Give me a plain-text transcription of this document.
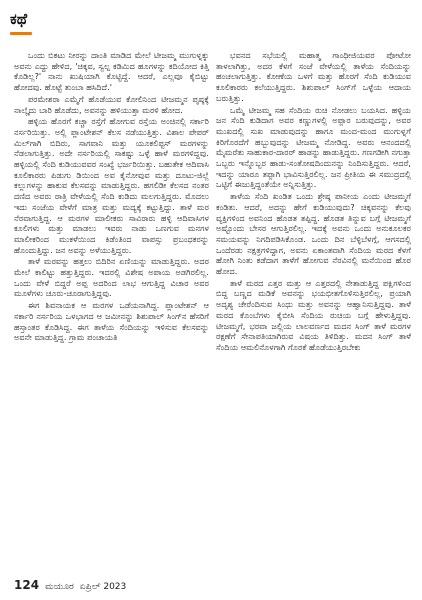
ಕಥೆ

ಒಂದು ಬಿಕಟು ನೀರನ್ನು ದಾಂತಿ ಮಾಡಿದ ಮೇಲೆ ಟೀಜಮ್ಮ ಮುಗುಳ್ನಕ್ಕು ಅವನು ಎದ್ದು ಹೇಳಿದ, 'ಚಿಕ್ಕವ, ಸ್ವಲ್ಪ ಕಡಿಮಿದ ಹೂಗಳನ್ನು ಕದಿಯೋದ ಕಿತ್ತಿ ಕೊಡಿಲ್ಲ?' ನಾನು ಖುಷಿಯಾಗಿ ಕೊಟ್ಟಿದ್ದೆ. ಆದರೆ, ಎಲ್ಲವೂ ಕೈಬಿಟ್ಟು ಹೋದವು. ಹೊಟ್ಟೆ ತುಂಬಾ ಹಸಿದಿದೆ.'

ಪರಮೇಶರಾ ಎಮ್ಮೆಗೆ ಹೊಡೆಯುವ ಕೋಲಿನಿಂದ ಟೀಜಮ್ಮನ ಪೃಷ್ಠಕ್ಕೆ ನಾಲ್ಕೈದು ಬಾರಿ ಹೊಡೆದು, ಅವನನ್ನು ಹಳಿಯುತ್ತಾ ಮರಳಿ ಹೋದ.

ಹಳ್ಳಿಯ ಹೊರಗೆ ಕಚ್ಚಾ ರಸ್ತೆಗೆ ಹೋಗುವ ರಸ್ತೆಯ ಅಂಚಿನಲ್ಲಿ ಸರ್ಕಾರಿ ನರ್ಸರಿಯಿತ್ತು. ಅಲ್ಲಿ ಪ್ಲಾಂಟೇಶನ್ ಕೆಲಸ ನಡೆಯುತ್ತಿತ್ತು. ವಿಶಾಲ ಪೇಪರ್ ಮಿಲ್‌ಗಾಗಿ ಬಿದಿರು, ಸಾಗವಾನಿ ಮತ್ತು ಯೂಕಲಿಪ್ಟಸ್ ಮರಗಳನ್ನು ನೆಡಲಾಗುತ್ತಿತ್ತು. ಅದೇ ನರ್ಸರಿಯಲ್ಲಿ ಸಾಕಷ್ಟು ಒಳ್ಳೆ ಹಾಳೆ ಮರಗಳಿದ್ದವು. ಹಳ್ಳಿಯಲ್ಲಿ ಸೆಂದಿ ಕುಡಿಯುವವರ ಸಂಖ್ಯೆ ಭರ್ಜರಿಯಿತ್ತು. ಬಹುತೇಕ ಆದಿವಾಸಿ ಕೂಲಿಕಾರರು ಪಿಡುಗು ಡಿಯಿಂದ ಅವ ಕೈನೋವುವ ಮತ್ತು ದೂಟು-ಜಿಲ್ಲೆ ಕಲ್ಲುಗಳನ್ನು ಹಾಕುವ ಕೆಲಸವನ್ನು ಮಾಡುತ್ತಿದ್ದರು. ಹಗಲಿಡೀ ಕೆಲಸದ ನಂತರ ದಣಿದ ಅವರು ರಾತ್ರಿ ವೇಳೆಯಲ್ಲಿ ಸೆಂದಿ ಕುಡಿದು ಮಲಗುತ್ತಿದ್ದರು. ಮೊದಲು ಇದು ಸಂಜೆಯ ವೇಳೆಗೆ ಮಾತ್ರ ಮತ್ತು ಮದ್ಯಕ್ಕೆ ಕಟ್ಟುತ್ತಿದ್ದು. ತಾಳೆ ಮರ ನೆರವಾಗುತ್ತಿದ್ದ. ಆ ಮರಗಳ ಮಾಲೀಕರು ಸಾವಿರಾರು ಹಳ್ಳಿ ಆದಿವಾಸಿಗಳ ಕೂಲಿಗಳು ಮತ್ತು ಮಾಡಲು ಇವರು ನಾಡು ಒಣಗುವ ಮನಗಳ ಮಾಲೀಕರಿಂದ ಮುಕಳೆಯಿಂದ ಕಿಡೆಂತಿಂದ ವಾಪಸ್ಸು ಪ್ರಬಂಧಕರನ್ನು ಹೊಂದುತ್ತಿದ್ದು. ಜನ ಅವನ್ನು ಅಳೆಯುತ್ತಿದ್ದರು.

ತಾಳೆ ಮರವನ್ನು ಹತ್ತಲು ಬಿದಿರಿನ ಏಣಿಯನ್ನು ಮಾಡುತ್ತಿದ್ದರು. ಅದರ ಮೇಲೆ ಕಾಲಿಟ್ಟು ಹತ್ತುತ್ತಿದ್ದರು. ಇದರಲ್ಲಿ ವಿಶೇಷ ಅಪಾಯ ಅಡಗಿರಲಿಲ್ಲ. ಒಂದು ವೇಳೆ ಬಿದ್ದರೆ ಅಪ್ಪ ಅದರಿಂದ ಲಾಭ ಆಗುತ್ತಿದ್ದ ವಿಚಾರ ಅವರ ಮೂಳೆಗಳು ಚೂರು-ಚೂರಾಗುತ್ತಿದ್ದವು.

ಈಗ ಶಿವನಾಯಕ ಆ ಮರಗಳ ಒಡೆಯನಾಗಿದ್ದ. ಪ್ಲಾಂಟೇಶನ್ ಆ ಸರ್ಕಾರಿ ನರ್ಸರಿಯ ಒಳಭಾಗದ ಆ ಜಮೀನನ್ನು ಶಿಶುಪಾಲ್ ಸಿಂಗ್‌ನ ಹೆಸರಿಗೆ ಹಸ್ತಾಂತರ ಕೊಡಿಸಿದ್ದ. ಈಗ ತಾಳೆಯ ಸೆಂದಿಯನ್ನು ಇಳಿಸುವ ಕೆಲಸವನ್ನು ಅವನೇ ಮಾಡುತ್ತಿದ್ದ. ಗ್ರಾಮ ಪಂಚಾಯತಿ

ಭವನದ ಸಭೆಯಲ್ಲಿ ಮಹಾತ್ಮ ಗಾಂಧೀಜಿಯವರ ಪೋಟೋ ತಾಳಲಾಗಿತ್ತು, ಅದರ ಕೆಳಗೆ ಸಂಜೆ ವೇಳೆಯಲ್ಲಿ ತಾಳೆಯ ಸೆಂದಿಯನ್ನು ಹಂಚಲಾಗುತ್ತಿತ್ತು. ಕೋಣೆಯ ಒಳಗೆ ಮತ್ತು ಹೊರಗೆ ಸೆಂದಿ ಕುಡಿಯುವ ಕೂಲಿಕಾರರು ಕಲೆಯುತ್ತಿದ್ದರು. ಶಿಶುಪಾಲ್ ಸಿಂಗ್‌ಗೆ ಒಳ್ಳೆಯ ಆದಾಯ ಬರುತ್ತಿತ್ತು.

ಒಮ್ಮೆ ಟೀಜಮ್ಮ ಸಹ ಸೆಂದಿಯ ರುಚಿ ನೋಡಲು ಬಯಸಿದ. ಹಳ್ಳಿಯ ಜನ ಸೆಂದಿ ಕುಡಿದಾಗ ಅವರ ಕಣ್ಣುಗಳಲ್ಲಿ ಅಪ್ಪಾರ ಬರುವುದನ್ನು, ಅವರ ಮುಖದಲ್ಲಿ ಸುಖ ಮಾಡುವುದನ್ನು ಹಾಗೂ ಮಂದ-ಮಂದ ಮುಗುಳ್ನಗೆ ಕಿರಿಗೊರದೆಗೆ ಹಬ್ಬುವುದನ್ನು ಟೀಜಮ್ಮ ನೋಡಿದ್ದ. ಅವರು ಆನಂದದಲ್ಲಿ ಮೈಮರೆತು ಸಾಹುಕಾರ-ದಾರರ್ ಹಾಡನ್ನು ಹಾಡುತ್ತಿದ್ದರು. ಗಣಗಡೀಗಿ ನಗುತ್ತಾ ಒಬ್ಬರು ಇನ್ನೊಬ್ಬರ ಹಾಡು-ಸಂತೋಷದಿಂದುನನ್ನು ನಿಂದಿಸುತ್ತಿದ್ದರು. ಆದರೆ, ಇದನ್ನು ಯಾರೂ ತಪ್ಪಾಗಿ ಭಾವಿಸುತ್ತಿರಲಿಲ್ಲ. ಜನ ಪ್ರೀತಿಯ ಈ ಸಮುದ್ರದಲ್ಲಿ ಒಟ್ಟಿಗೆ ಈಜುತ್ತಿದ್ದಂತೆಯೇ ಅನ್ನಿಸುತ್ತಿತ್ತು.

ತಾಳೆಯ ಸೆಂದಿ ಖಂಡಿತ ಒಂದು ಶ್ರೇಷ್ಠ ಪಾನೀಯ ಎಂದು ಟೀಜಮ್ಮಗೆ ಕಂಡಿತು. ಆದರೆ, ಅದನ್ನು ಹೇಗೆ ಕುಡಿಯುವುದು? ಚಿಕ್ಕವನನ್ನು ಕೆಲವು ವ್ಯಕ್ತಿಗಳಿಂದ ಅವನಿಂದ ಹೊಡತ ತಪ್ಪಿದ್ದ. ಹೊಡತ ತಿನ್ನುವ ಬಗ್ಗೆ ಟೀಜಮ್ಮಗೆ ಅಷ್ಟೊಂದು ಬೇಸರ ಆಗುತ್ತಿರಲಿಲ್ಲ. ಇದಕ್ಕೆ ಅವನು ಒಂದು ಅನುಕೂಲಕರ ಸಮಯವನ್ನು ನಿಗದಿಪಡಿಸಿಕೊಂಡ. ಒಂದು ದಿನ ಬೆಳ್ಳಿಬೆಳಗ್ಗೆ, ಆಗಸದಲ್ಲಿ ಒಂದೆರಡು ನಕ್ಷತ್ರಗಳಿದ್ದಾಗ, ಅವನು ಏಕಾಂತವಾಗಿ ಸೆಂದಿಯ ಮರದ ಕೆಳಗೆ ಹೋಗಿ ನಿಂತು ಕಡೆದಾಗ ತಾಳೆಗೆ ಹೋಗುವ ನೆರವಿನಲ್ಲಿ ಮನೆಯಿಂದ ಹೊರ ಹೋದ.

ತಾಳೆ ಮರದ ಎತ್ತರ ಮತ್ತು ಆ ಎತ್ತರದಲ್ಲಿ ನೇತಾಡುತ್ತಿದ್ದ ಪಕ್ಷಿಗಳಿಂದ ಬಿದ್ದ ಬಣ್ಣದ ಮಡಿಕೆ ಅವನನ್ನು ಭಯಭೀತಗೊಳಿಸುತ್ತಿರಲಿಲ್ಲ, ಪ್ರಯಾಗಿ ಅದೃಶ್ಯ ಚೇರೆಂದಿಸುವ ಸಿಂಧು ಮತ್ತು ಅವನನ್ನು ಆಹ್ವಾನಿಸುತ್ತಿದ್ದವು. ತಾಳೆ ಮರದ ಕೊಂಬೆಗಳು ಕೈಬೀಸಿ ಸೆಂದಿಯ ರುಚಿಯ ಬಗ್ಗೆ ಹೇಳುತ್ತಿದ್ದವು. ಟೀಜಮ್ಮಗೆ, ಭರವಾ ಜಲ್ಲಿಯ ಲಾಲವರ್ಣದ ಮದನ ಸಿಂಗ್ ತಾಳೆ ಮರಗಳ ರಕ್ಷಣೆಗೆ ಸೇನಾಪತಿಯಾಗಿರುವ ವಿಷಯ ತಿಳಿದಿತ್ತು. ಮದನ ಸಿಂಗ್ ತಾಳೆ ಸೆಂದಿಯ ಆಮಲಿನೊಳಗಾಗಿ ಗೊರಕೆ ಹೊಡೆಯುತ್ತಿರಬೇಕು

124 ಮಯೂರ ಏಪ್ರಿಲ್ 2023
